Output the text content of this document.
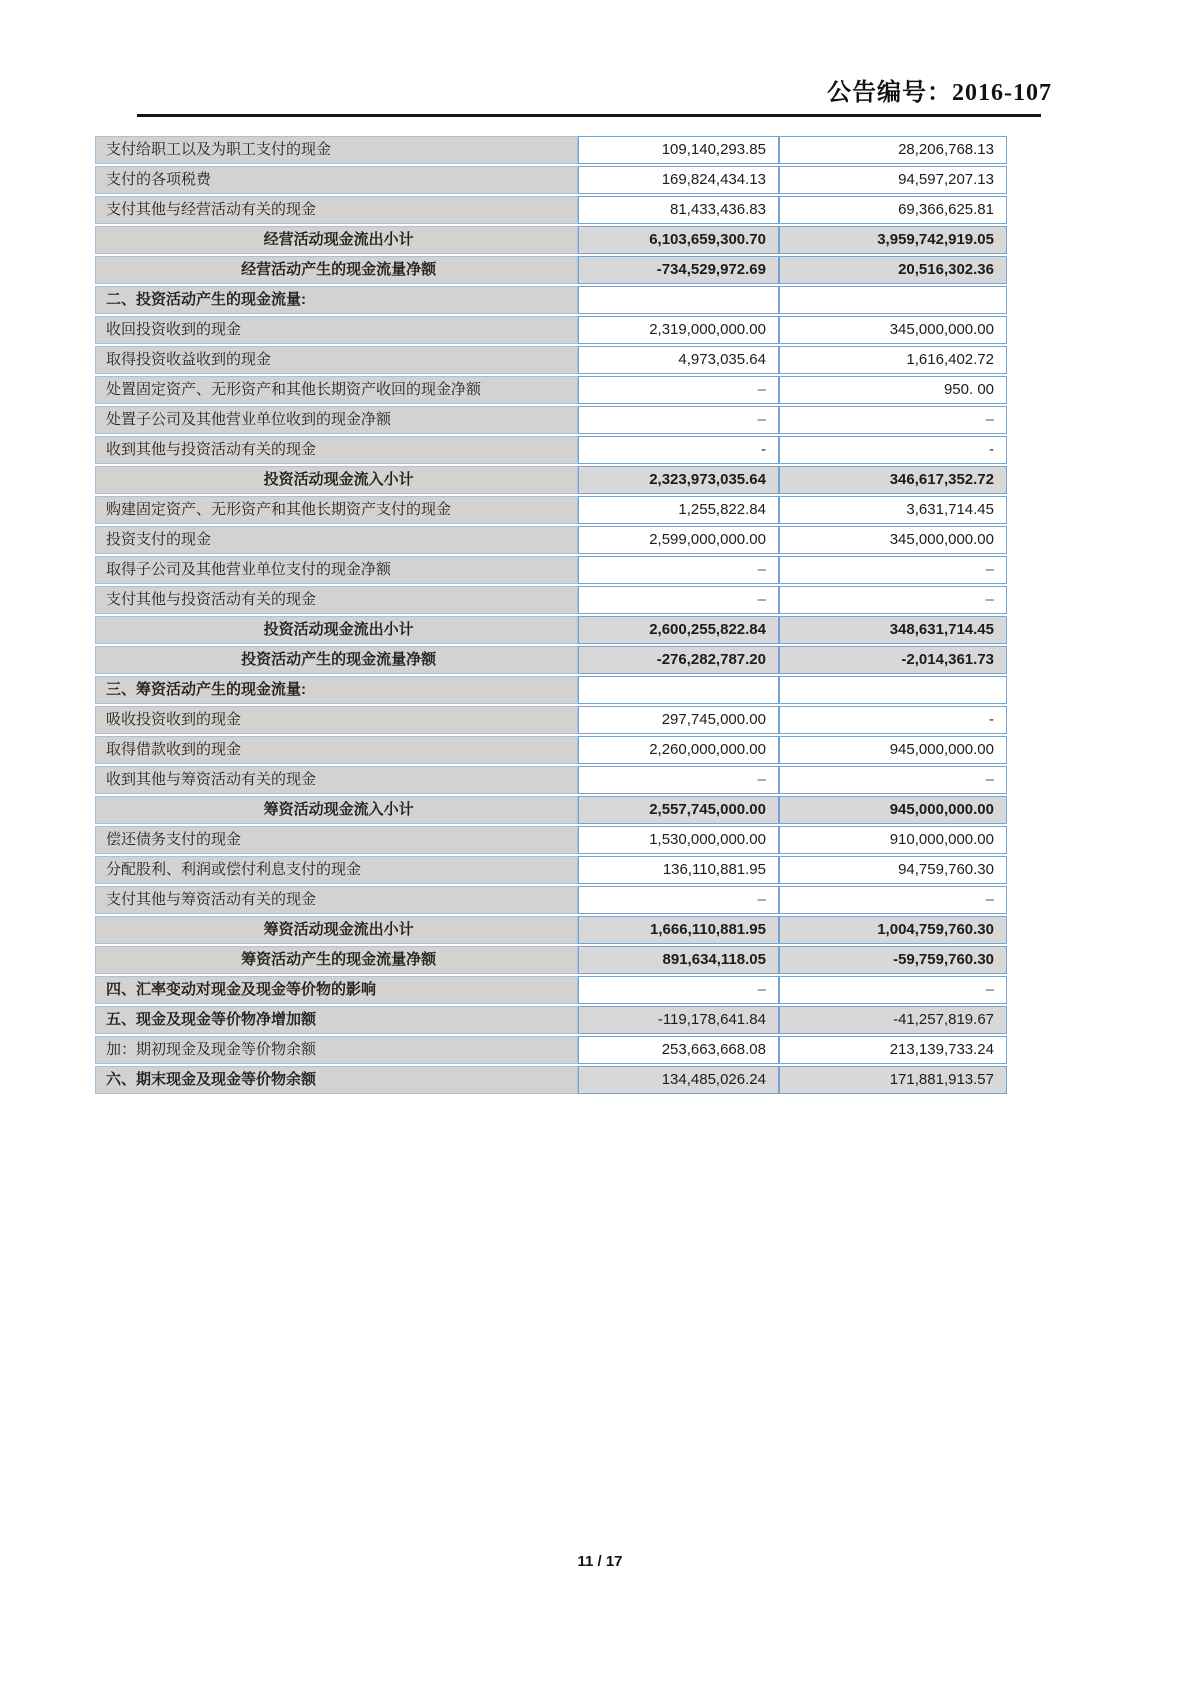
公告编号：2016-107
支付给职工以及为职工支付的现金	109,140,293.85	28,206,768.13
支付的各项税费	169,824,434.13	94,597,207.13
支付其他与经营活动有关的现金	81,433,436.83	69,366,625.81
经营活动现金流出小计	6,103,659,300.70	3,959,742,919.05
经营活动产生的现金流量净额	-734,529,972.69	20,516,302.36
二、投资活动产生的现金流量:		
收回投资收到的现金	2,319,000,000.00	345,000,000.00
取得投资收益收到的现金	4,973,035.64	1,616,402.72
处置固定资产、无形资产和其他长期资产收回的现金净额	–	950. 00
处置子公司及其他营业单位收到的现金净额	–	–
收到其他与投资活动有关的现金	-	-
投资活动现金流入小计	2,323,973,035.64	346,617,352.72
购建固定资产、无形资产和其他长期资产支付的现金	1,255,822.84	3,631,714.45
投资支付的现金	2,599,000,000.00	345,000,000.00
取得子公司及其他营业单位支付的现金净额	–	–
支付其他与投资活动有关的现金	–	–
投资活动现金流出小计	2,600,255,822.84	348,631,714.45
投资活动产生的现金流量净额	-276,282,787.20	-2,014,361.73
三、筹资活动产生的现金流量:		
吸收投资收到的现金	297,745,000.00	-
取得借款收到的现金	2,260,000,000.00	945,000,000.00
收到其他与筹资活动有关的现金	–	–
筹资活动现金流入小计	2,557,745,000.00	945,000,000.00
偿还债务支付的现金	1,530,000,000.00	910,000,000.00
分配股利、利润或偿付利息支付的现金	136,110,881.95	94,759,760.30
支付其他与筹资活动有关的现金	–	–
筹资活动现金流出小计	1,666,110,881.95	1,004,759,760.30
筹资活动产生的现金流量净额	891,634,118.05	-59,759,760.30
四、汇率变动对现金及现金等价物的影响	–	–
五、现金及现金等价物净增加额	-119,178,641.84	-41,257,819.67
加：期初现金及现金等价物余额	253,663,668.08	213,139,733.24
六、期末现金及现金等价物余额	134,485,026.24	171,881,913.57
11 / 17
